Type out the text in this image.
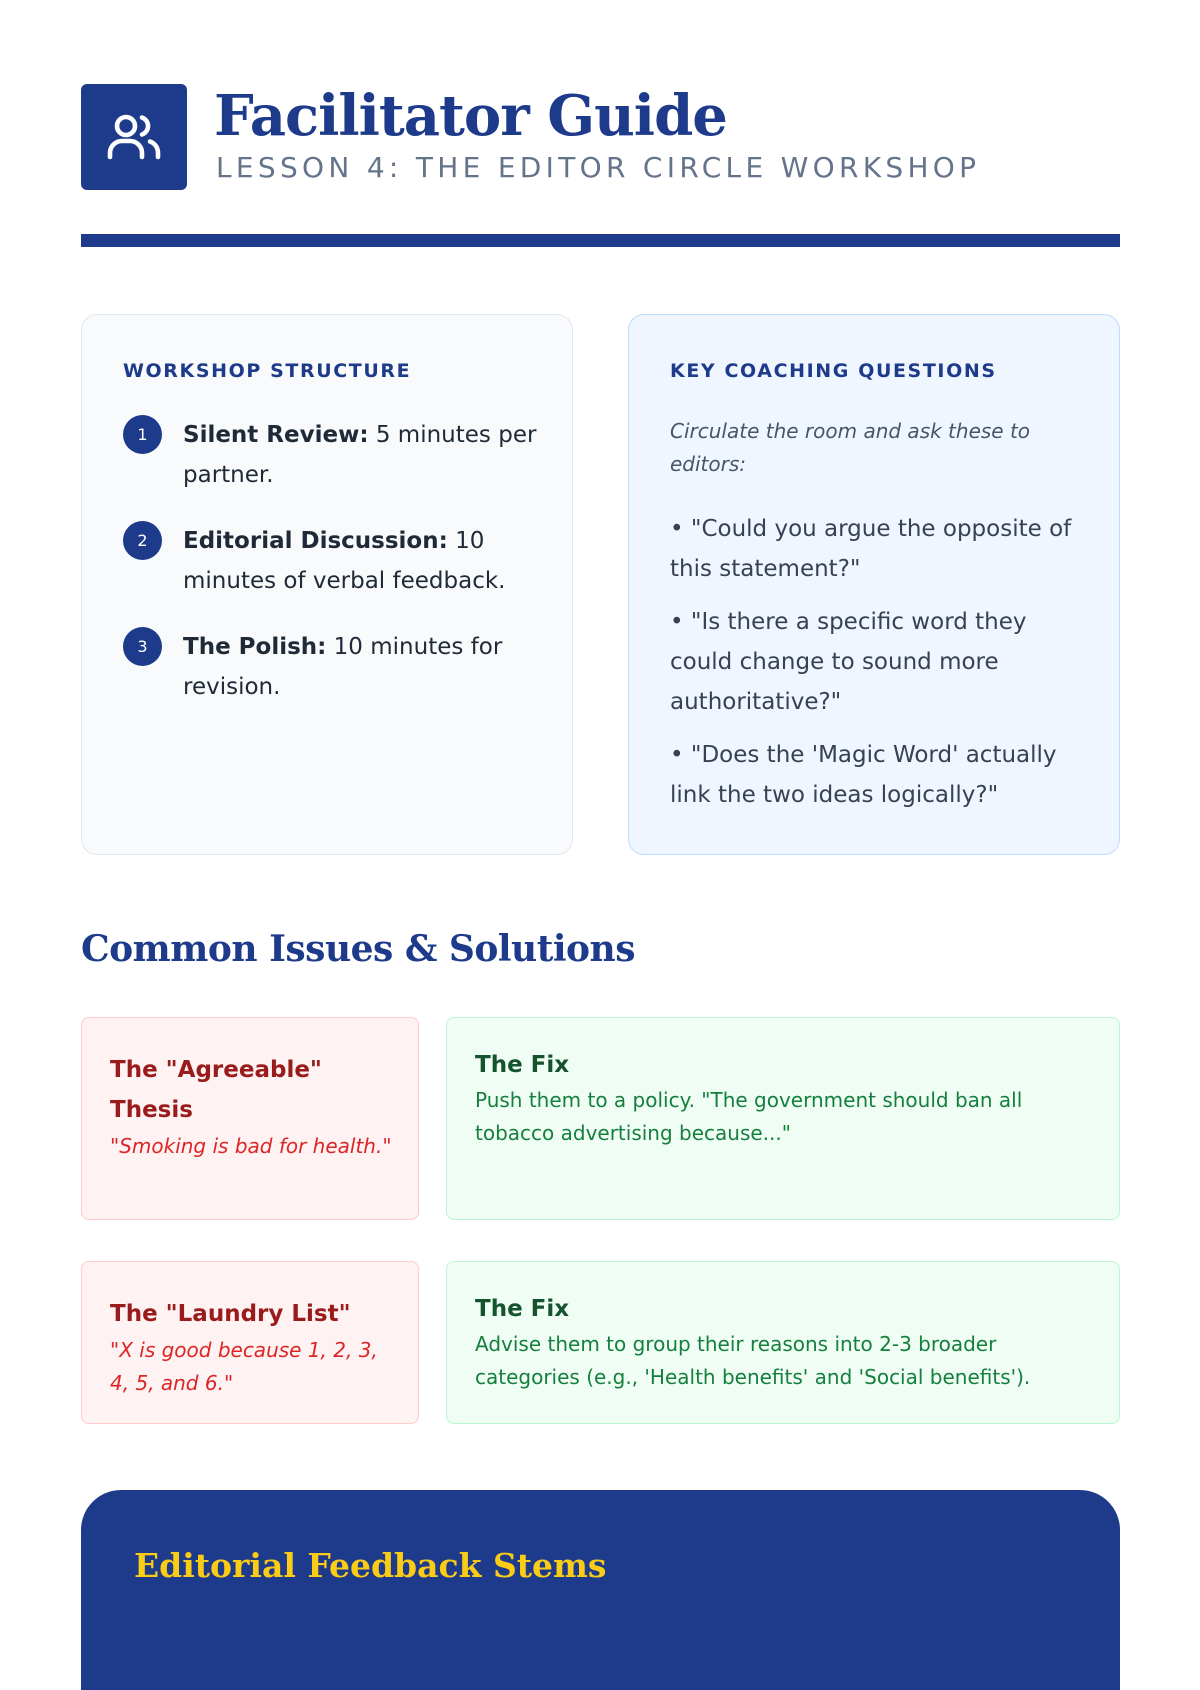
Facilitator Guide

LESSON 4: THE EDITOR CIRCLE WORKSHOP

WORKSHOP STRUCTURE
1	Silent Review: 5 minutes per partner.
2	Editorial Discussion: 10 minutes of verbal feedback.
3	The Polish: 10 minutes for revision.
KEY COACHING QUESTIONS

Circulate the room and ask these to editors:

• "Could you argue the opposite of this statement?"
• "Is there a specific word they could change to sound more authoritative?"
• "Does the 'Magic Word' actually link the two ideas logically?"
Common Issues & Solutions

The "Agreeable" Thesis

"Smoking is bad for health."

The Fix

Push them to a policy. "The government should ban all tobacco advertising because..."

The "Laundry List"

"X is good because 1, 2, 3, 4, 5, and 6."

The Fix

Advise them to group their reasons into 2-3 broader categories (e.g., 'Health benefits' and 'Social benefits').

Editorial Feedback Stems
